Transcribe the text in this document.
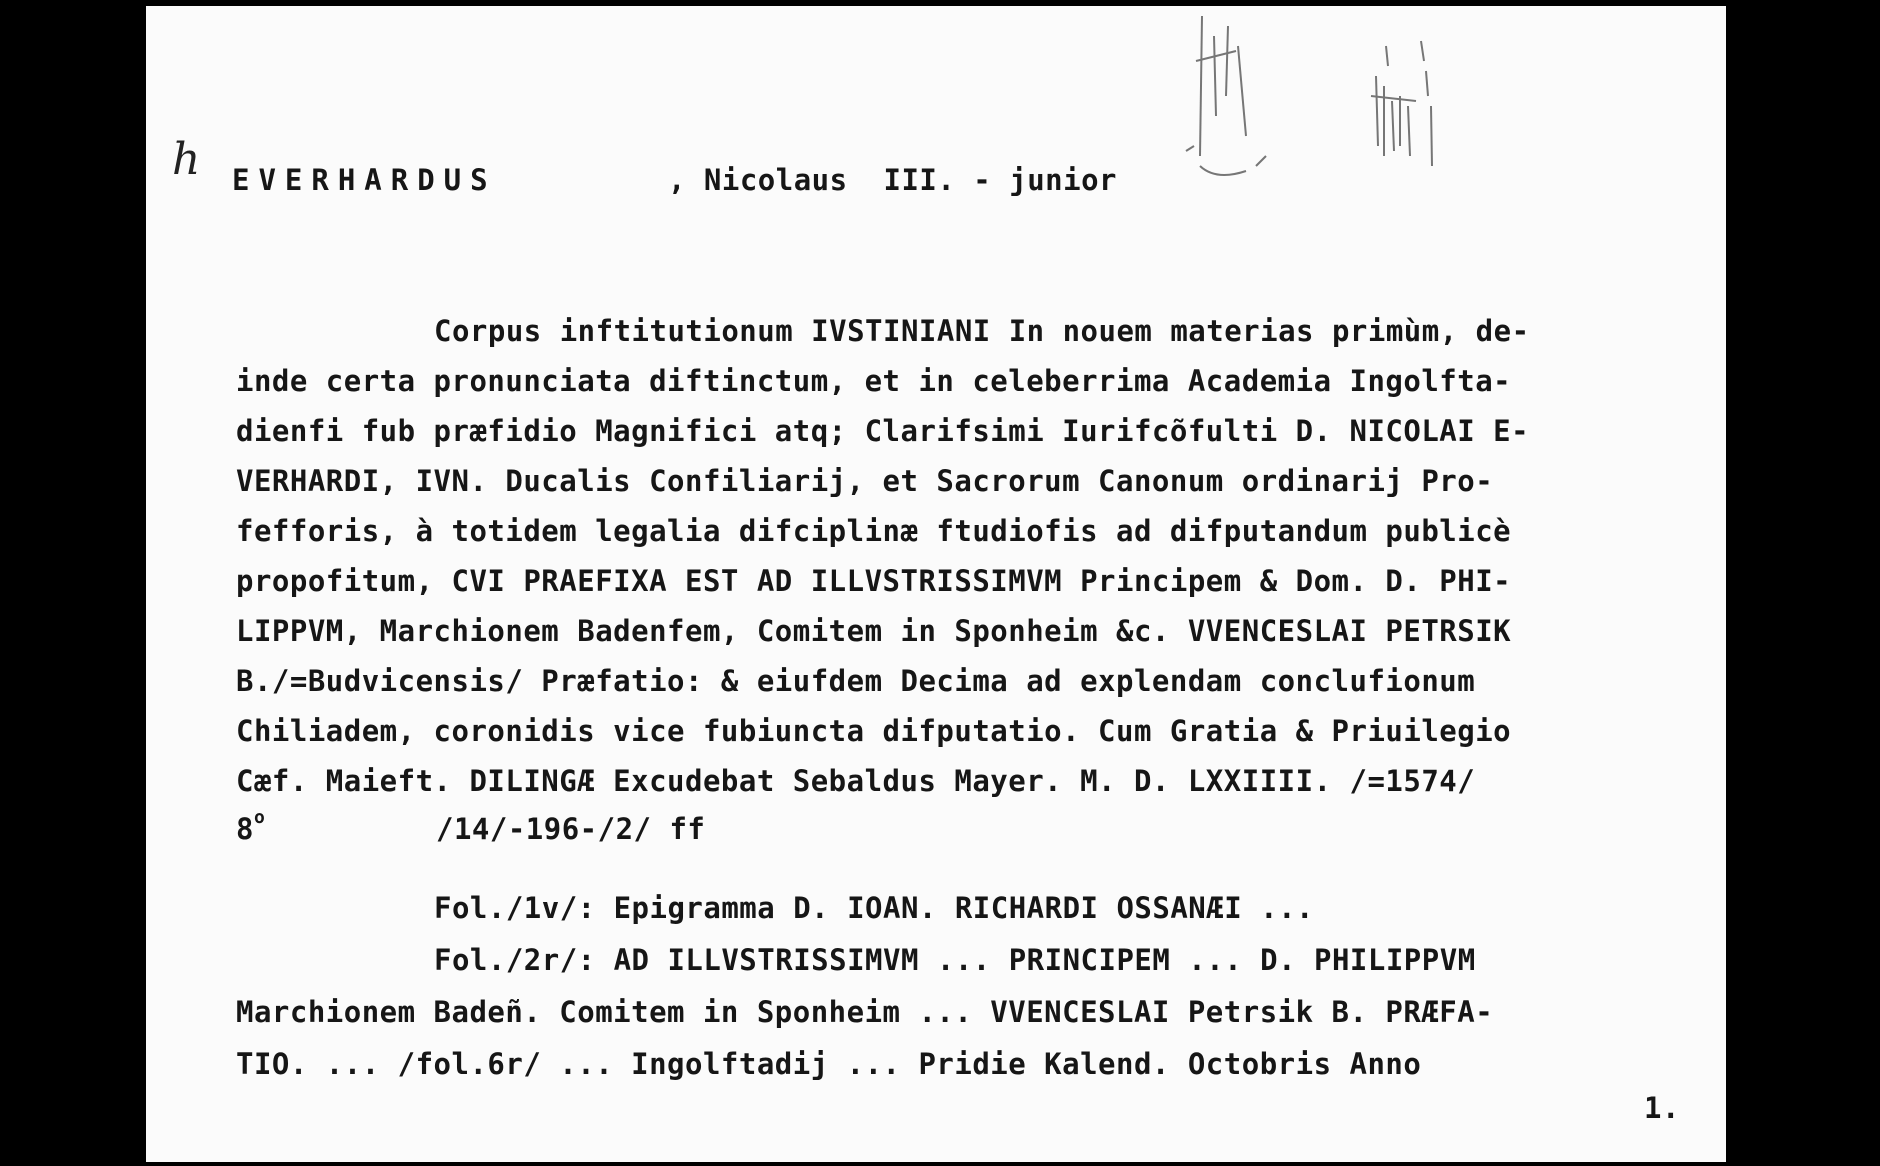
h EVERHARDUS	, Nicolaus  III. - junior
Corpus inftitutionum IVSTINIANI In nouem materias primùm, de-
inde certa pronunciata diftinctum, et in celeberrima Academia Ingolfta-
dienfi fub præfidio Magnifici atq; Clarifsimi Iurifcõfulti D. NICOLAI E-
VERHARDI, IVN. Ducalis Confiliarij, et Sacrorum Canonum ordinarij Pro-
fefforis, à totidem legalia difciplinæ ftudiofis ad difputandum publicè
propofitum, CVI PRAEFIXA EST AD ILLVSTRISSIMVM Principem & Dom. D. PHI-
LIPPVM, Marchionem Badenfem, Comitem in Sponheim &c. VVENCESLAI PETRSIK
B./=Budvicensis/ Præfatio: & eiufdem Decima ad explendam conclufionum
Chiliadem, coronidis vice fubiuncta difputatio. Cum Gratia & Priuilegio
Cæf. Maieft. DILINGÆ Excudebat Sebaldus Mayer. M. D. LXXIIII. /=1574/
8$^o$	/14/-196-/2/ ff
Fol./1v/: Epigramma D. IOAN. RICHARDI OSSANÆI ...
Fol./2r/: AD ILLVSTRISSIMVM ... PRINCIPEM ... D. PHILIPPVM
Marchionem Badeñ. Comitem in Sponheim ... VVENCESLAI Petrsik B. PRÆFA-
TIO. ... /fol.6r/ ... Ingolftadij ... Pridie Kalend. Octobris Anno
1.
